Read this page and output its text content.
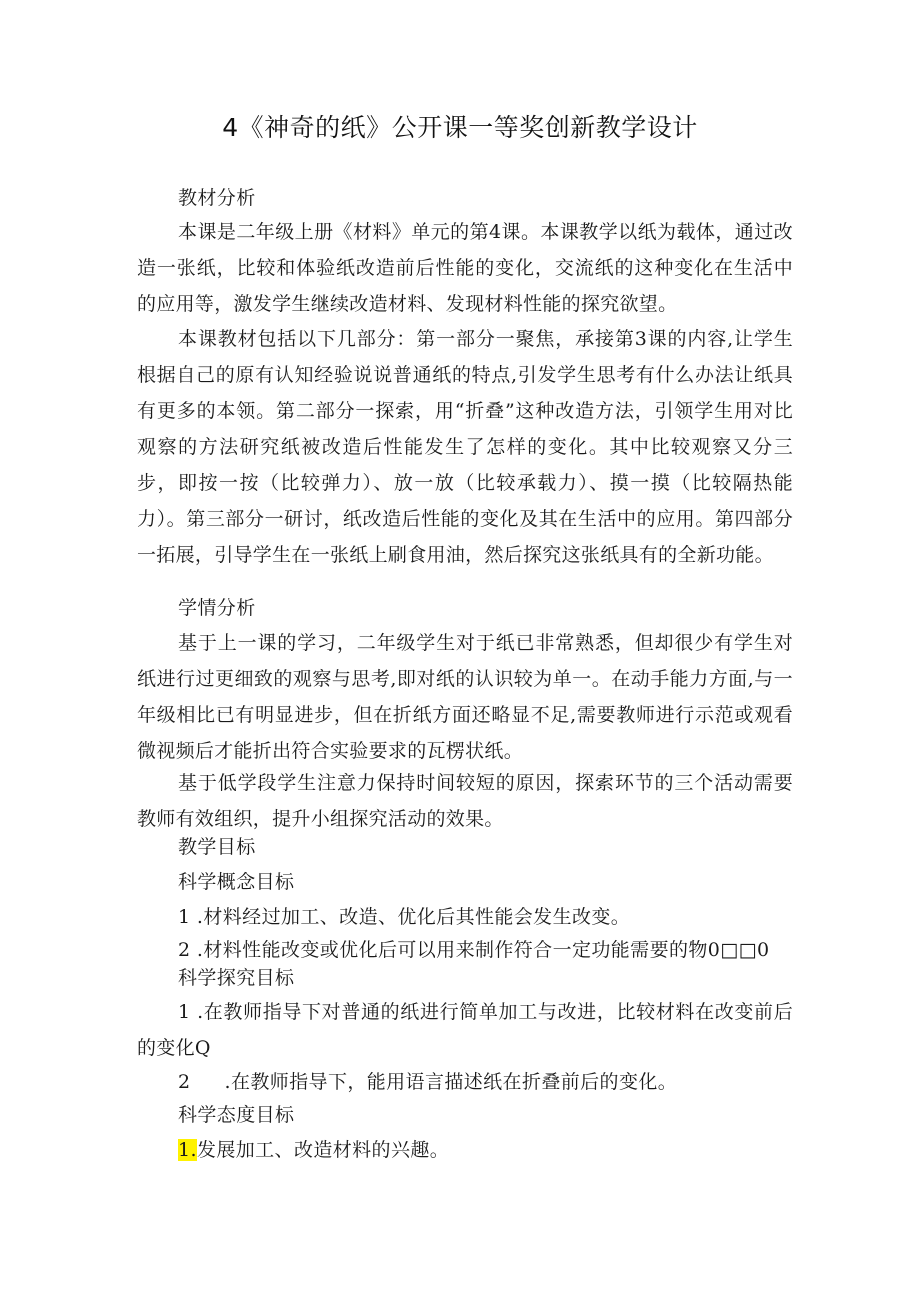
4《神奇的纸》公开课一等奖创新教学设计
教材分析
本课是二年级上册《材料》单元的第4课。本课教学以纸为载体，通过改造一张纸，比较和体验纸改造前后性能的变化，交流纸的这种变化在生活中的应用等，激发学生继续改造材料、发现材料性能的探究欲望。
本课教材包括以下几部分：第一部分一聚焦，承接第3课的内容,让学生根据自己的原有认知经验说说普通纸的特点,引发学生思考有什么办法让纸具有更多的本领。第二部分一探索，用“折叠”这种改造方法，引领学生用对比观察的方法研究纸被改造后性能发生了怎样的变化。其中比较观察又分三步，即按一按（比较弹力）、放一放（比较承载力）、摸一摸（比较隔热能力）。第三部分一研讨，纸改造后性能的变化及其在生活中的应用。第四部分一拓展，引导学生在一张纸上刷食用油，然后探究这张纸具有的全新功能。
学情分析
基于上一课的学习，二年级学生对于纸已非常熟悉，但却很少有学生对纸进行过更细致的观察与思考,即对纸的认识较为单一。在动手能力方面,与一年级相比已有明显进步，但在折纸方面还略显不足,需要教师进行示范或观看微视频后才能折出符合实验要求的瓦楞状纸。
基于低学段学生注意力保持时间较短的原因，探索环节的三个活动需要教师有效组织，提升小组探究活动的效果。
教学目标
科学概念目标
1 .材料经过加工、改造、优化后其性能会发生改变。
2 .材料性能改变或优化后可以用来制作符合一定功能需要的物0□□0
科学探究目标
1 .在教师指导下对普通的纸进行简单加工与改进，比较材料在改变前后的变化Q
2 .在教师指导下，能用语言描述纸在折叠前后的变化。
科学态度目标
1.发展加工、改造材料的兴趣。
